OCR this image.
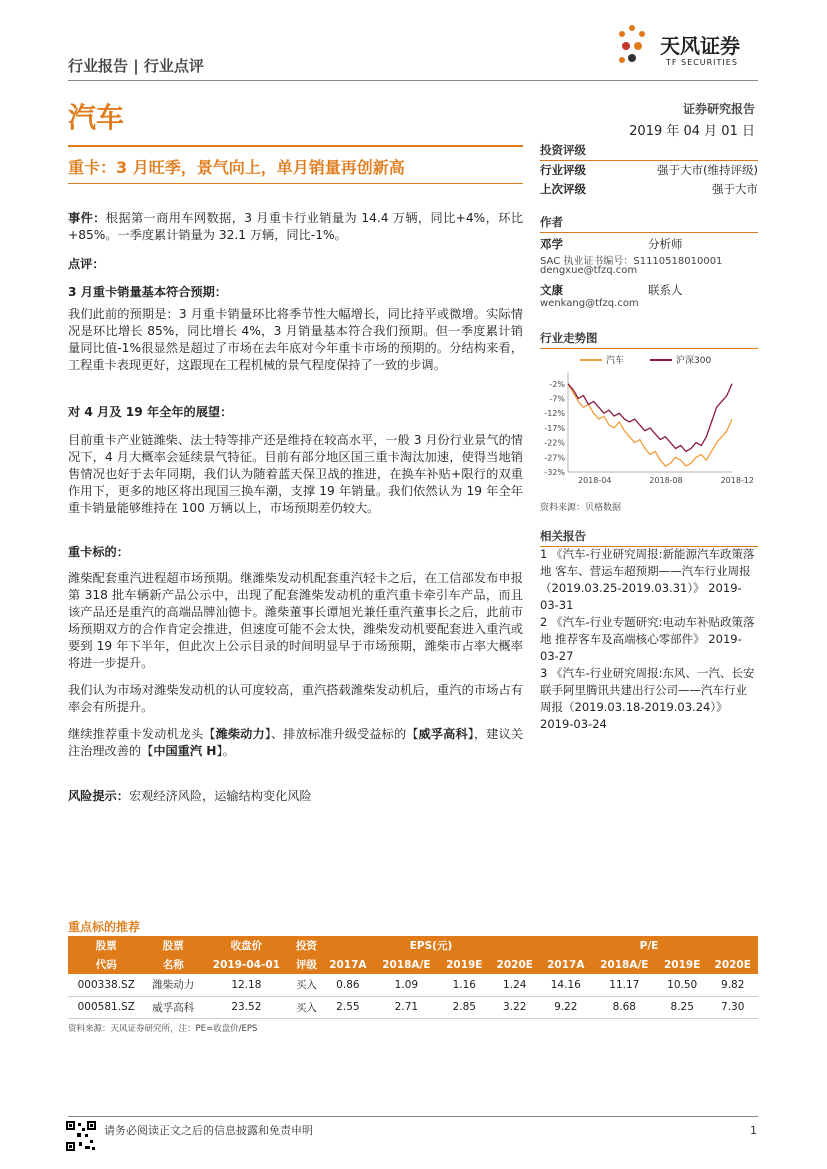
行业报告 | 行业点评
汽车
天风证券
TF SECURITIES
证券研究报告
2019 年 04 月 01 日
重卡：3 月旺季，景气向上，单月销量再创新高
事件：根据第一商用车网数据，3 月重卡行业销量为 14.4 万辆，同比+4%，环比+85%。一季度累计销量为 32.1 万辆，同比-1%。
点评：
3 月重卡销量基本符合预期：
我们此前的预期是：3 月重卡销量环比将季节性大幅增长，同比持平或微增。实际情况是环比增长 85%，同比增长 4%，3 月销量基本符合我们预期。但一季度累计销量同比值-1%很显然是超过了市场在去年底对今年重卡市场的预期的。分结构来看，工程重卡表现更好，这跟现在工程机械的景气程度保持了一致的步调。
对 4 月及 19 年全年的展望：
目前重卡产业链潍柴、法士特等排产还是维持在较高水平，一般 3 月份行业景气的情况下，4 月大概率会延续景气特征。目前有部分地区国三重卡淘汰加速，使得当地销售情况也好于去年同期，我们认为随着蓝天保卫战的推进，在换车补贴+限行的双重作用下，更多的地区将出现国三换车潮，支撑 19 年销量。我们依然认为 19 年全年重卡销量能够维持在 100 万辆以上，市场预期差仍较大。
重卡标的：
潍柴配套重汽进程超市场预期。继潍柴发动机配套重汽轻卡之后，在工信部发布申报第 318 批车辆新产品公示中，出现了配套潍柴发动机的重汽重卡牵引车产品，而且该产品还是重汽的高端品牌汕德卡。潍柴董事长谭旭光兼任重汽董事长之后，此前市场预期双方的合作肯定会推进，但速度可能不会太快，潍柴发动机要配套进入重汽或要到 19 年下半年，但此次上公示目录的时间明显早于市场预期，潍柴市占率大概率将进一步提升。
我们认为市场对潍柴发动机的认可度较高，重汽搭载潍柴发动机后，重汽的市场占有率会有所提升。
继续推荐重卡发动机龙头【潍柴动力】、排放标准升级受益标的【威孚高科】，建议关注治理改善的【中国重汽 H】。
风险提示：宏观经济风险，运输结构变化风险
投资评级
行业评级	强于大市(维持评级)
上次评级	强于大市
作者
邓学	分析师
SAC 执业证书编号：S1110518010001
dengxue@tfzq.com
文康	联系人
wenkang@tfzq.com
行业走势图
汽车	沪深300
-2%
-7%
-12%
-17%
-22%
-27%
-32%
2018-04	2018-08	2018-12
资料来源：贝格数据
相关报告
1 《汽车-行业研究周报:新能源汽车政策落地 客车、营运车超预期——汽车行业周报（2019.03.25-2019.03.31）》 2019-03-31
2 《汽车-行业专题研究:电动车补贴政策落地 推荐客车及高端核心零部件》 2019-03-27
3 《汽车-行业研究周报:东风、一汽、长安联手阿里腾讯共建出行公司——汽车行业周报（2019.03.18-2019.03.24）》 2019-03-24
重点标的推荐
股票	股票	收盘价	投资	EPS(元)				P/E			
代码	名称	2019-04-01	评级	2017A	2018A/E	2019E	2020E	2017A	2018A/E	2019E	2020E
000338.SZ	潍柴动力	12.18	买入	0.86	1.09	1.16	1.24	14.16	11.17	10.50	9.82
000581.SZ	威孚高科	23.52	买入	2.55	2.71	2.85	3.22	9.22	8.68	8.25	7.30
资料来源：天风证券研究所，注：PE=收盘价/EPS
请务必阅读正文之后的信息披露和免责申明	1
